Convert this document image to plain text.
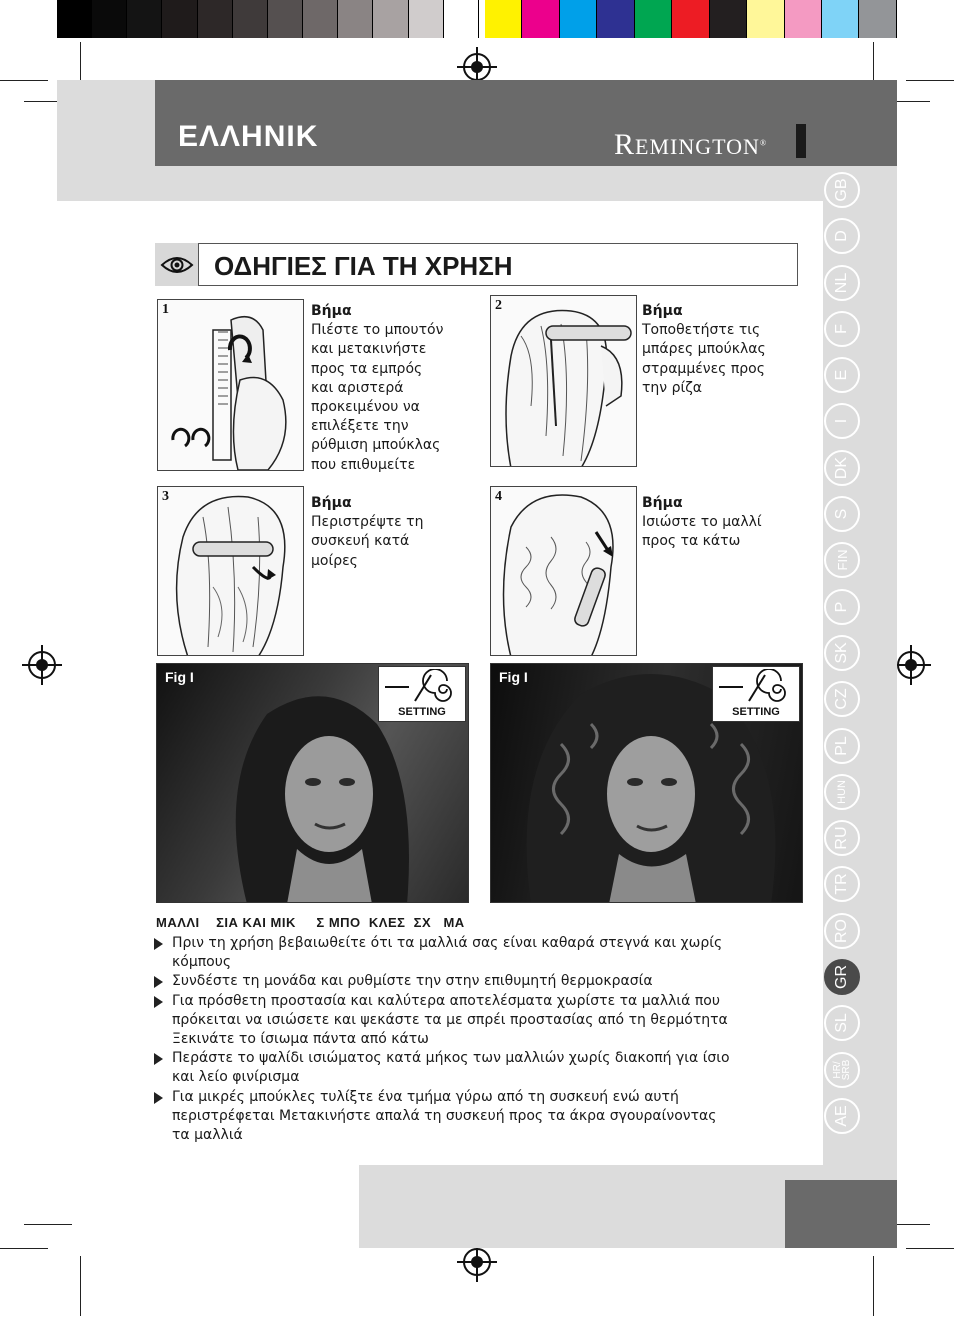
ΕΛΛΗΝΙΚ	REMINGTON®
GB
D
NL
F
E
I
DK
S
FIN
P
SK
CZ
PL
HUN
RU
TR
RO
GR
SL
HR/ SRB
AE
ΟΔΗΓΙΕΣ ΓΙΑ ΤΗ ΧΡΗΣΗ
1	Βήμα
Πιέστε το μπουτόν
και μετακινήστε
προς τα εμπρός
και αριστερά
προκειμένου να
επιλέξετε την
ρύθμιση μπούκλας
που επιθυμείτε
2	Βήμα
Τοποθετήστε τις
μπάρες μπούκλας
στραμμένες προς
την ρίζα
3	Βήμα
Περιστρέψτε τη
συσκευή κατά
μοίρες
4	Βήμα
Ισιώστε το μαλλί
προς τα κάτω
Fig I
SETTING
Fig I
SETTING
ΜΑΛΛΙ    ΣΙΑ ΚΑΙ ΜΙΚ     Σ ΜΠΟ  ΚΛΕΣ  ΣΧ   ΜΑ
Πριν τη χρήση βεβαιωθείτε ότι τα μαλλιά σας είναι καθαρά στεγνά και χωρίς
κόμπους
Συνδέστε τη μονάδα και ρυθμίστε την στην επιθυμητή θερμοκρασία
Για πρόσθετη προστασία και καλύτερα αποτελέσματα χωρίστε τα μαλλιά που
πρόκειται να ισιώσετε και ψεκάστε τα με σπρέι προστασίας από τη θερμότητα
Ξεκινάτε το ίσιωμα πάντα από κάτω
Περάστε το ψαλίδι ισιώματος κατά μήκος των μαλλιών χωρίς διακοπή για ίσιο
και λείο φινίρισμα
Για μικρές μπούκλες τυλίξτε ένα τμήμα γύρω από τη συσκευή ενώ αυτή
περιστρέφεται Μετακινήστε απαλά τη συσκευή προς τα άκρα σγουραίνοντας
τα μαλλιά
